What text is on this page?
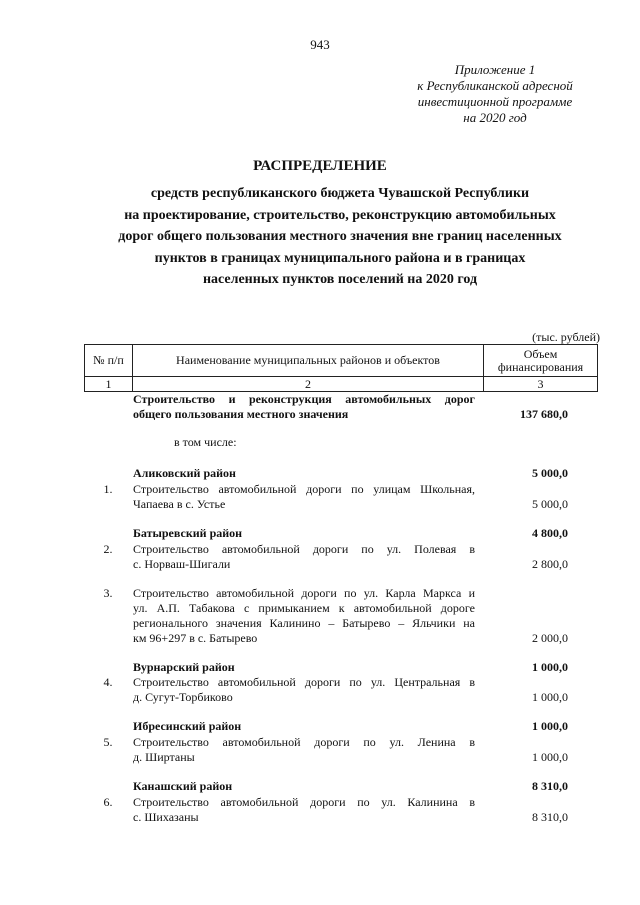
943
Приложение 1
к Республиканской адресной
инвестиционной программе
на 2020 год
РАСПРЕДЕЛЕНИЕ
средств республиканского бюджета Чувашской Республики
на проектирование, строительство, реконструкцию автомобильных
дорог общего пользования местного значения вне границ населенных
пунктов в границах муниципального района и в границах
населенных пунктов поселений на 2020 год
(тыс. рублей)
№ п/п	Наименование муниципальных районов и объектов	Объем финансирования
1	2	3
Строительство и реконструкция автомобильных дорог
общего пользования местного значения	137 680,0
в том числе:
Аликовский район	5 000,0
1.	Строительство автомобильной дороги по улицам Школьная,
Чапаева в с. Устье	5 000,0
Батыревский район	4 800,0
2.	Строительство автомобильной дороги по ул. Полевая в
с. Норваш-Шигали	2 800,0
3.	Строительство автомобильной дороги по ул. Карла Маркса и
ул. А.П. Табакова с примыканием к автомобильной дороге
регионального значения Калинино – Батырево – Яльчики на
км 96+297 в с. Батырево	2 000,0
Вурнарский район	1 000,0
4.	Строительство автомобильной дороги по ул. Центральная в
д. Сугут-Торбиково	1 000,0
Ибресинский район	1 000,0
5.	Строительство автомобильной дороги по ул. Ленина в
д. Ширтаны	1 000,0
Канашский район	8 310,0
6.	Строительство автомобильной дороги по ул. Калинина в
с. Шихазаны	8 310,0
